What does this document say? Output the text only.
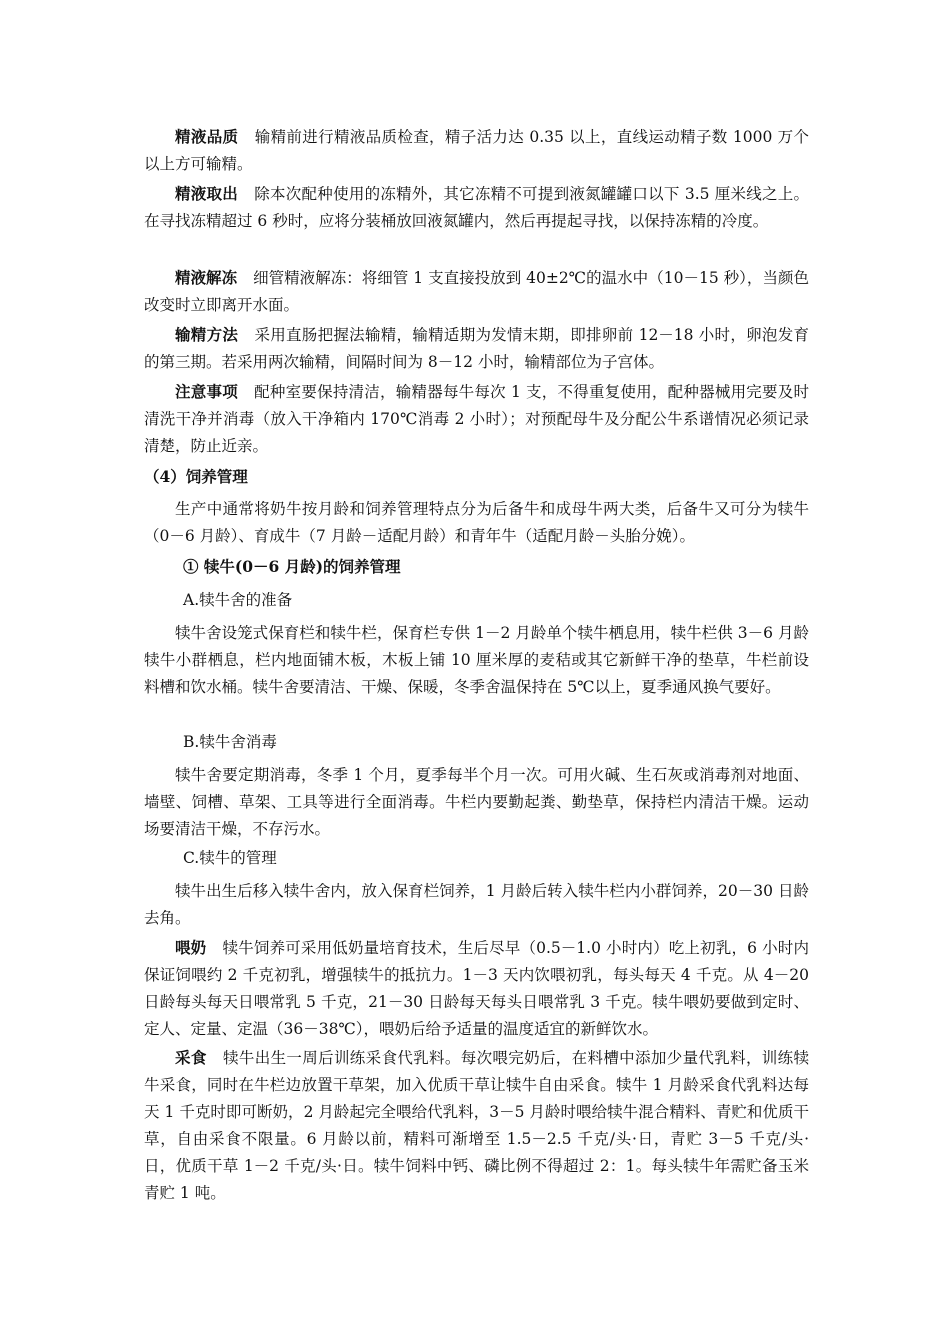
精液品质 输精前进行精液品质检查，精子活力达 0.35 以上，直线运动精子数 1000 万个以上方可输精。

精液取出 除本次配种使用的冻精外，其它冻精不可提到液氮罐罐口以下 3.5 厘米线之上。在寻找冻精超过 6 秒时，应将分装桶放回液氮罐内，然后再提起寻找，以保持冻精的冷度。

精液解冻 细管精液解冻：将细管 1 支直接投放到 40±2℃的温水中（10－15 秒），当颜色改变时立即离开水面。

输精方法 采用直肠把握法输精，输精适期为发情末期，即排卵前 12－18 小时，卵泡发育的第三期。若采用两次输精，间隔时间为 8－12 小时，输精部位为子宫体。

注意事项 配种室要保持清洁，输精器每牛每次 1 支，不得重复使用，配种器械用完要及时清洗干净并消毒（放入干净箱内 170℃消毒 2 小时）；对预配母牛及分配公牛系谱情况必须记录清楚，防止近亲。

（4）饲养管理

生产中通常将奶牛按月龄和饲养管理特点分为后备牛和成母牛两大类，后备牛又可分为犊牛（0－6 月龄）、育成牛（7 月龄－适配月龄）和青年牛（适配月龄－头胎分娩）。

① 犊牛(0－6 月龄)的饲养管理

A.犊牛舍的准备

犊牛舍设笼式保育栏和犊牛栏，保育栏专供 1－2 月龄单个犊牛栖息用，犊牛栏供 3－6 月龄犊牛小群栖息，栏内地面铺木板，木板上铺 10 厘米厚的麦秸或其它新鲜干净的垫草，牛栏前设料槽和饮水桶。犊牛舍要清洁、干燥、保暖，冬季舍温保持在 5℃以上，夏季通风换气要好。

B.犊牛舍消毒

犊牛舍要定期消毒，冬季 1 个月，夏季每半个月一次。可用火碱、生石灰或消毒剂对地面、墙壁、饲槽、草架、工具等进行全面消毒。牛栏内要勤起粪、勤垫草，保持栏内清洁干燥。运动场要清洁干燥，不存污水。

C.犊牛的管理

犊牛出生后移入犊牛舍内，放入保育栏饲养，1 月龄后转入犊牛栏内小群饲养，20－30 日龄去角。

喂奶 犊牛饲养可采用低奶量培育技术，生后尽早（0.5－1.0 小时内）吃上初乳，6 小时内保证饲喂约 2 千克初乳，增强犊牛的抵抗力。1－3 天内饮喂初乳，每头每天 4 千克。从 4－20 日龄每头每天日喂常乳 5 千克，21－30 日龄每天每头日喂常乳 3 千克。犊牛喂奶要做到定时、定人、定量、定温（36－38℃），喂奶后给予适量的温度适宜的新鲜饮水。

采食 犊牛出生一周后训练采食代乳料。每次喂完奶后，在料槽中添加少量代乳料，训练犊牛采食，同时在牛栏边放置干草架，加入优质干草让犊牛自由采食。犊牛 1 月龄采食代乳料达每天 1 千克时即可断奶，2 月龄起完全喂给代乳料，3－5 月龄时喂给犊牛混合精料、青贮和优质干草，自由采食不限量。6 月龄以前，精料可渐增至 1.5－2.5 千克/头·日，青贮 3－5 千克/头·日，优质干草 1－2 千克/头·日。犊牛饲料中钙、磷比例不得超过 2：1。每头犊牛年需贮备玉米青贮 1 吨。
